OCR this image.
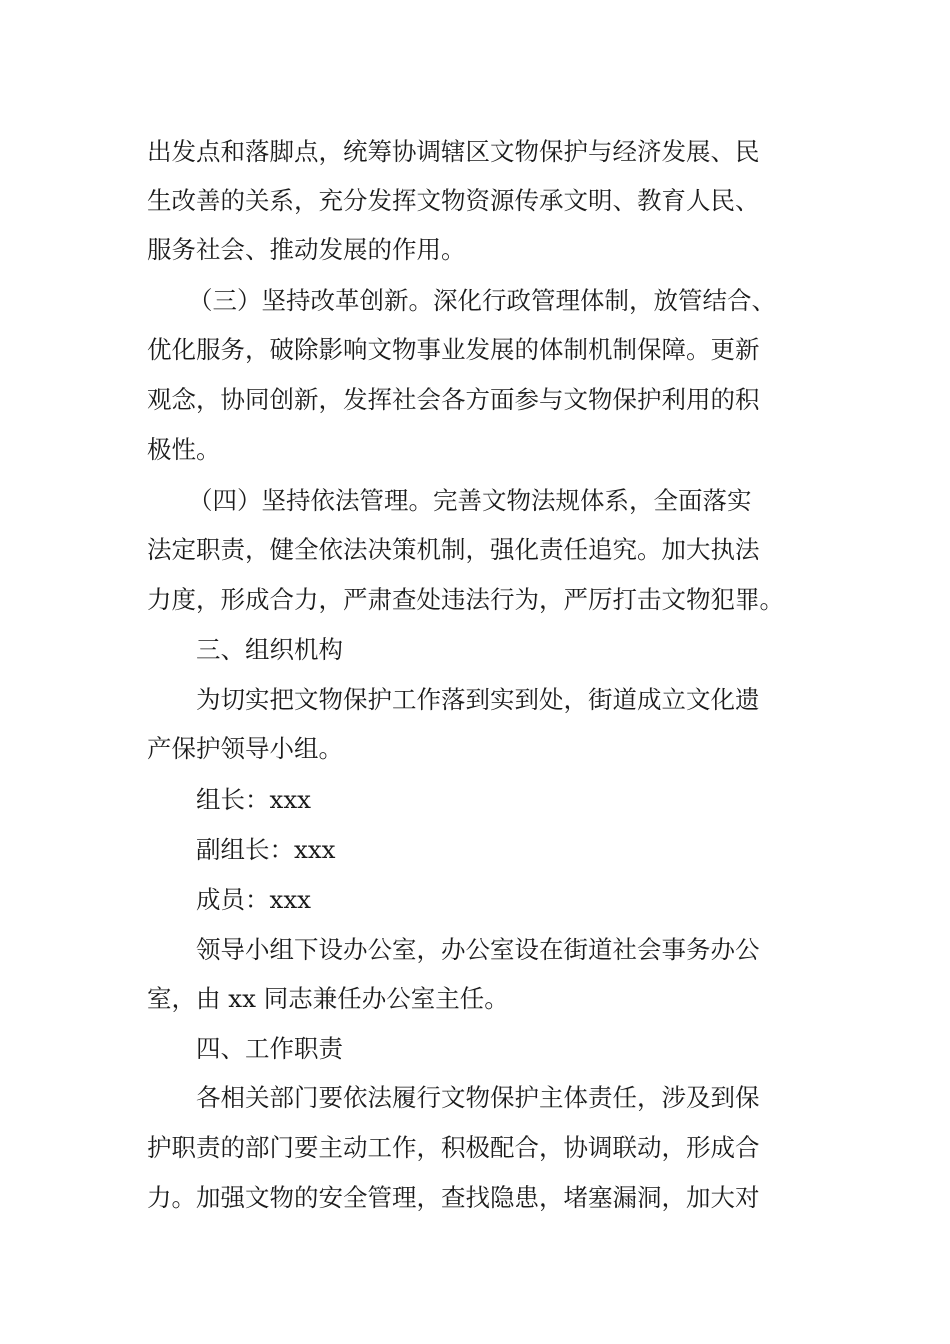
出发点和落脚点，统筹协调辖区文物保护与经济发展、民
生改善的关系，充分发挥文物资源传承文明、教育人民、
服务社会、推动发展的作用。
（三）坚持改革创新。深化行政管理体制，放管结合、
优化服务，破除影响文物事业发展的体制机制保障。更新
观念，协同创新，发挥社会各方面参与文物保护利用的积
极性。
（四）坚持依法管理。完善文物法规体系，全面落实
法定职责，健全依法决策机制，强化责任追究。加大执法
力度，形成合力，严肃查处违法行为，严厉打击文物犯罪。
三、组织机构
为切实把文物保护工作落到实到处，街道成立文化遗
产保护领导小组。
组长：xxx
副组长：xxx
成员：xxx
领导小组下设办公室，办公室设在街道社会事务办公
室，由 xx 同志兼任办公室主任。
四、工作职责
各相关部门要依法履行文物保护主体责任，涉及到保
护职责的部门要主动工作，积极配合，协调联动，形成合
力。加强文物的安全管理，查找隐患，堵塞漏洞，加大对
